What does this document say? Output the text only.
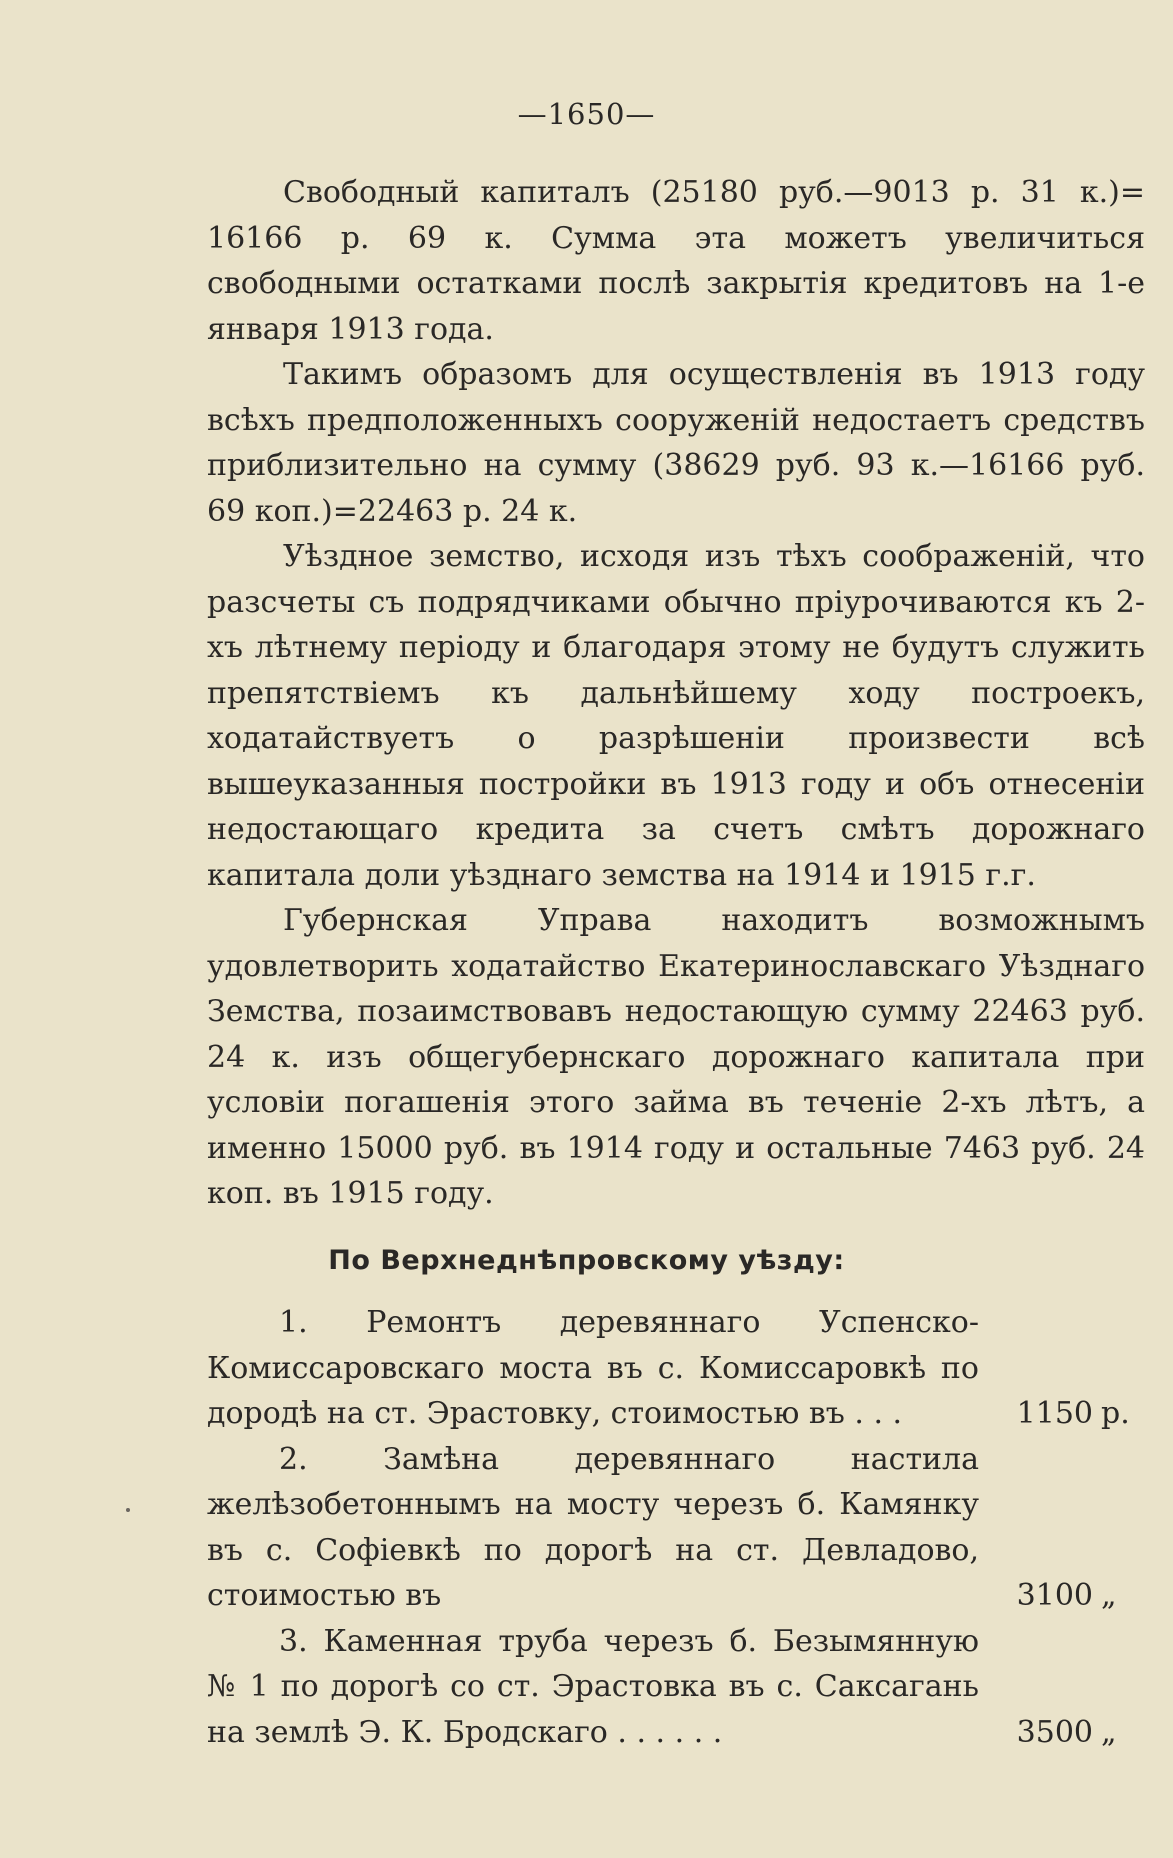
—1650—

Свободный капиталъ (25180 руб.—9013 р. 31 к.)= 16166 р. 69 к. Сумма эта можетъ увеличиться свободными остатками послѣ закрытія кредитовъ на 1-е января 1913 года.

Такимъ образомъ для осуществленія въ 1913 году всѣхъ предположенныхъ сооруженій недостаетъ средствъ приблизительно на сумму (38629 руб. 93 к.—16166 руб. 69 коп.)=22463 р. 24 к.

Уѣздное земство, исходя изъ тѣхъ соображеній, что разсчеты съ подрядчиками обычно пріурочиваются къ 2-хъ лѣтнему періоду и благодаря этому не будутъ служить препятствіемъ къ дальнѣйшему ходу построекъ, ходатайствуетъ о разрѣшеніи произвести всѣ вышеуказанныя постройки въ 1913 году и объ отнесеніи недостающаго кредита за счетъ смѣтъ дорожнаго капитала доли уѣзднаго земства на 1914 и 1915 г.г.

Губернская Управа находитъ возможнымъ удовлетворить ходатайство Екатеринославскаго Уѣзднаго Земства, позаимствовавъ недостающую сумму 22463 руб. 24 к. изъ общегубернскаго дорожнаго капитала при условіи погашенія этого займа въ теченіе 2-хъ лѣтъ, а именно 15000 руб. въ 1914 году и остальные 7463 руб. 24 коп. въ 1915 году.

По Верхнеднѣпровскому уѣзду:

1. Ремонтъ деревяннаго Успенско-Комиссаровскаго моста въ с. Комиссаровкѣ по дородѣ на ст. Эрастовку, стоимостью въ . . .	1150 р.

2. Замѣна деревяннаго настила желѣзобетоннымъ на мосту черезъ б. Камянку въ с. Софіевкѣ по дорогѣ на ст. Девладово, стоимостью въ	3100 „

3. Каменная труба черезъ б. Безымянную № 1 по дорогѣ со ст. Эрастовка въ с. Саксагань на землѣ Э. К. Бродскаго . . . . . .	3500 „
